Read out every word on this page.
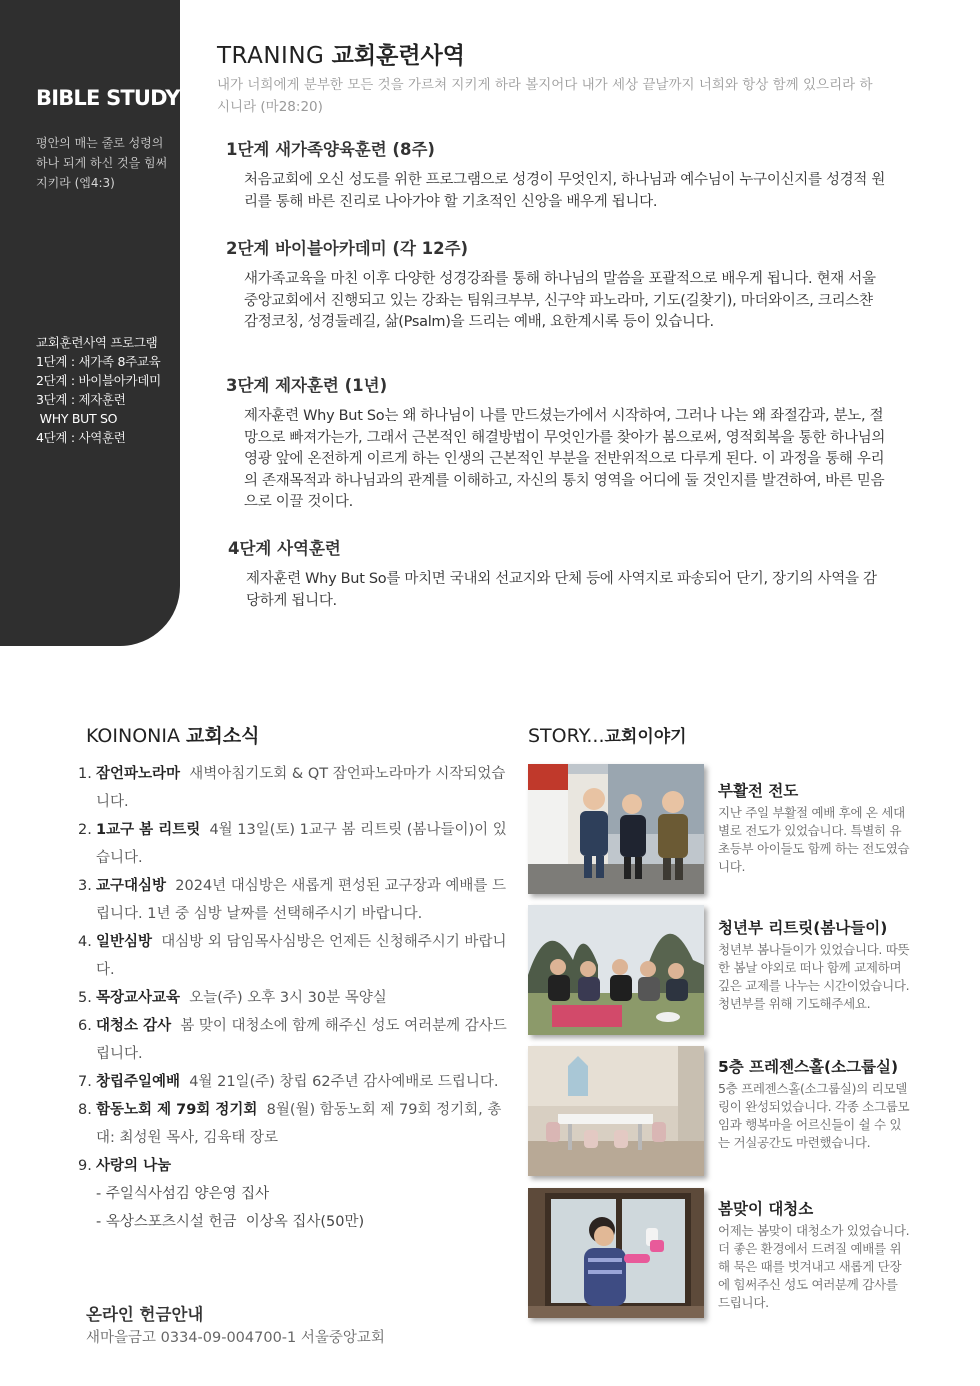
BIBLE STUDY
평안의 매는 줄로 성령의 하나 되게 하신 것을 힘써 지키라 (엡4:3)
교회훈련사역 프로그램
1단계 : 새가족 8주교육
2단계 : 바이블아카데미
3단계 : 제자훈련
WHY BUT SO
4단계 : 사역훈련
TRANING 교회훈련사역
내가 너희에게 분부한 모든 것을 가르쳐 지키게 하라 볼지어다 내가 세상 끝날까지 너희와 항상 함께 있으리라 하시니라 (마28:20)
1단계 새가족양육훈련 (8주)

처음교회에 오신 성도를 위한 프로그램으로 성경이 무엇인지, 하나님과 예수님이 누구이신지를 성경적 원리를 통해 바른 진리로 나아가야 할 기초적인 신앙을 배우게 됩니다.

2단계 바이블아카데미 (각 12주)

새가족교육을 마친 이후 다양한 성경강좌를 통해 하나님의 말씀을 포괄적으로 배우게 됩니다. 현재 서울중앙교회에서 진행되고 있는 강좌는 팀워크부부, 신구약 파노라마, 기도(길찾기), 마더와이즈, 크리스챤감정코칭, 성경둘레길, 삶(Psalm)을 드리는 예배, 요한계시록 등이 있습니다.

3단계 제자훈련 (1년)

제자훈련 Why But So는 왜 하나님이 나를 만드셨는가에서 시작하여, 그러나 나는 왜 좌절감과, 분노, 절망으로 빠져가는가, 그래서 근본적인 해결방법이 무엇인가를 찾아가 봄으로써, 영적회복을 통한 하나님의 영광 앞에 온전하게 이르게 하는 인생의 근본적인 부분을 전반위적으로 다루게 된다. 이 과정을 통해 우리의 존재목적과 하나님과의 관계를 이해하고, 자신의 통치 영역을 어디에 둘 것인지를 발견하여, 바른 믿음으로 이끌 것이다.

4단계 사역훈련

제자훈련 Why But So를 마치면 국내외 선교지와 단체 등에 사역지로 파송되어 단기, 장기의 사역을 감당하게 됩니다.

KOINONIA 교회소식
1. 잠언파노라마 새벽아침기도회 & QT 잠언파노라마가 시작되었습니다.
2. 1교구 봄 리트릿 4월 13일(토) 1교구 봄 리트릿 (봄나들이)이 있습니다.
3. 교구대심방 2024년 대심방은 새롭게 편성된 교구장과 예배를 드립니다. 1년 중 심방 날짜를 선택해주시기 바랍니다.
4. 일반심방 대심방 외 담임목사심방은 언제든 신청해주시기 바랍니다.
5. 목장교사교육 오늘(주) 오후 3시 30분 목양실
6. 대청소 감사 봄 맞이 대청소에 함께 해주신 성도 여러분께 감사드립니다.
7. 창립주일예배 4월 21일(주) 창립 62주년 감사예배로 드립니다.
8. 함동노회 제 79회 정기회 8월(월) 함동노회 제 79회 정기회, 총대: 최성원 목사, 김육태 장로
9. 사랑의 나눔
- 주일식사섬김 양은영 집사
- 옥상스포츠시설 헌금 이상옥 집사(50만)
온라인 헌금안내
새마을금고 0334-09-004700-1 서울중앙교회
STORY...교회이야기
부활전 전도
지난 주일 부활절 예배 후에 온 세대 별로 전도가 있었습니다. 특별히 유초등부 아이들도 함께 하는 전도였습니다.
청년부 리트릿(봄나들이)
청년부 봄나들이가 있었습니다. 따뜻한 봄날 야외로 떠나 함께 교제하며 깊은 교제를 나누는 시간이었습니다. 청년부를 위해 기도해주세요.
5층 프레젠스홀(소그룹실)
5층 프레젠스홀(소그룹실)의 리모델링이 완성되었습니다. 각종 소그룹모임과 행복마을 어르신들이 쉴 수 있는 거실공간도 마련했습니다.
봄맞이 대청소
어제는 봄맞이 대청소가 있었습니다. 더 좋은 환경에서 드려질 예배를 위해 묵은 때를 벗겨내고 새롭게 단장에 힘써주신 성도 여러분께 감사를 드립니다.
